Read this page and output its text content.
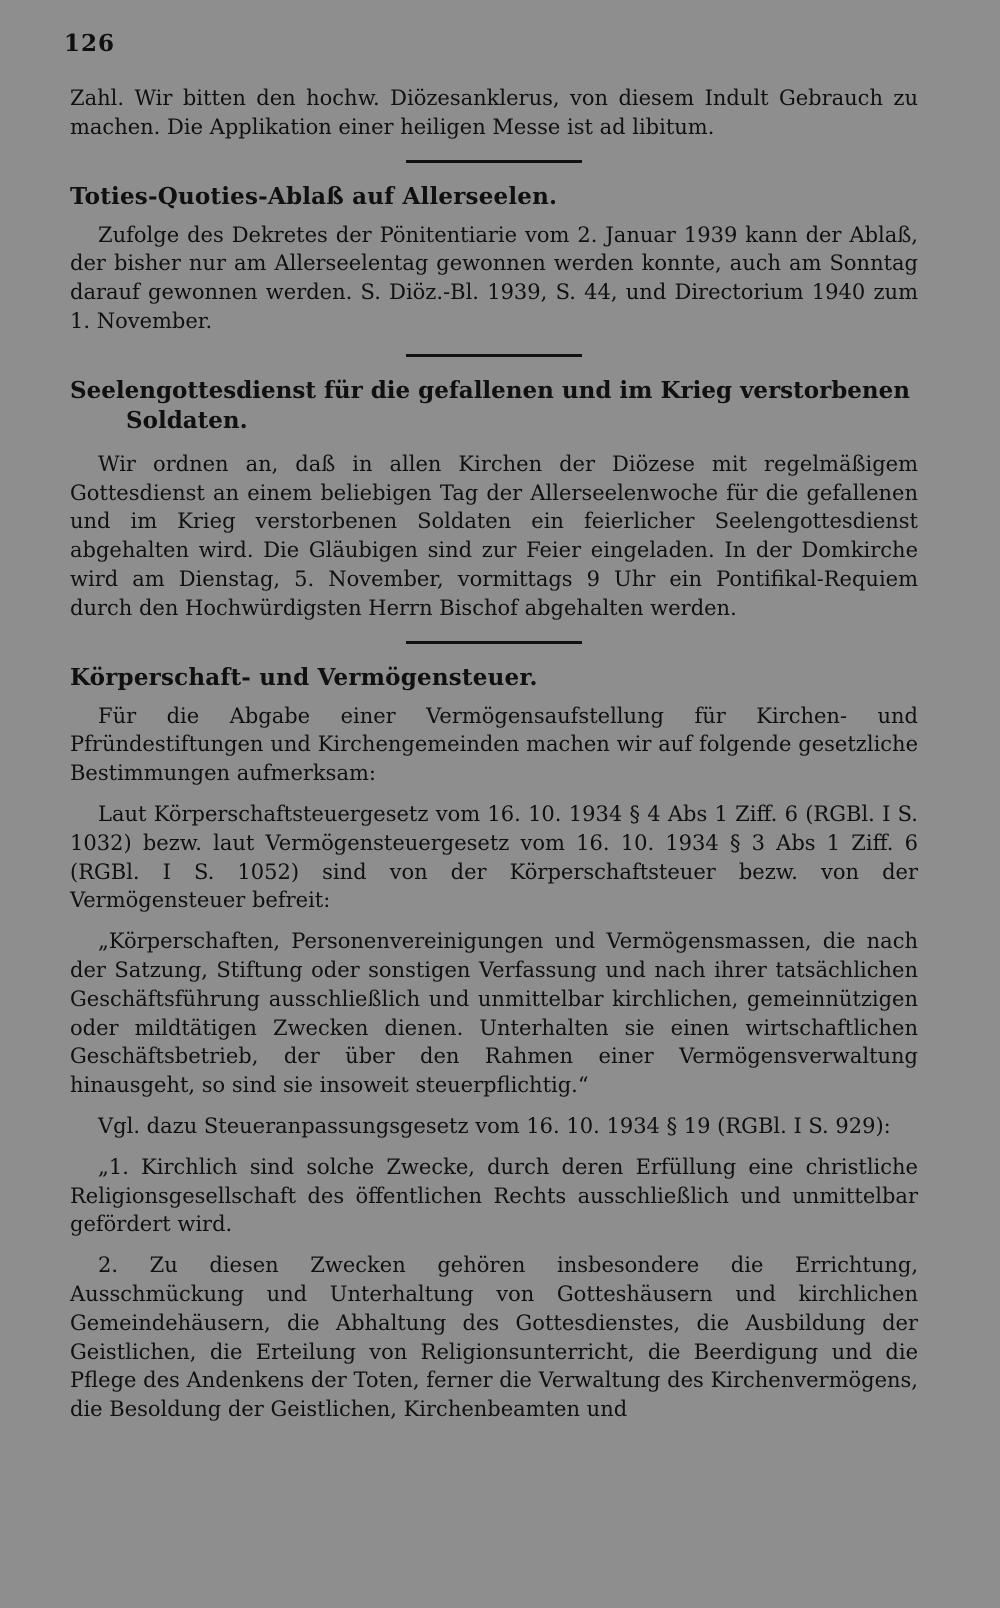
126

Zahl. Wir bitten den hochw. Diözesanklerus, von diesem Indult Gebrauch zu machen. Die Applikation einer heiligen Messe ist ad libitum.

Toties-Quoties-Ablaß auf Allerseelen.

Zufolge des Dekretes der Pönitentiarie vom 2. Januar 1939 kann der Ablaß, der bisher nur am Allerseelentag gewonnen werden konnte, auch am Sonntag darauf gewonnen werden. S. Diöz.-Bl. 1939, S. 44, und Directorium 1940 zum 1. November.

Seelengottesdienst für die gefallenen und im Krieg verstorbenen
Soldaten.

Wir ordnen an, daß in allen Kirchen der Diözese mit regelmäßigem Gottesdienst an einem beliebigen Tag der Allerseelenwoche für die gefallenen und im Krieg verstorbenen Soldaten ein feierlicher Seelengottesdienst abgehalten wird. Die Gläubigen sind zur Feier eingeladen. In der Domkirche wird am Dienstag, 5. November, vormittags 9 Uhr ein Pontifikal-Requiem durch den Hochwürdigsten Herrn Bischof abgehalten werden.

Körperschaft- und Vermögensteuer.

Für die Abgabe einer Vermögensaufstellung für Kirchen- und Pfründestiftungen und Kirchengemeinden machen wir auf folgende gesetzliche Bestimmungen aufmerksam:

Laut Körperschaftsteuergesetz vom 16. 10. 1934 § 4 Abs 1 Ziff. 6 (RGBl. I S. 1032) bezw. laut Vermögensteuergesetz vom 16. 10. 1934 § 3 Abs 1 Ziff. 6 (RGBl. I S. 1052) sind von der Körperschaftsteuer bezw. von der Vermögensteuer befreit:

„Körperschaften, Personenvereinigungen und Vermögensmassen, die nach der Satzung, Stiftung oder sonstigen Verfassung und nach ihrer tatsächlichen Geschäftsführung ausschließlich und unmittelbar kirchlichen, gemeinnützigen oder mildtätigen Zwecken dienen. Unterhalten sie einen wirtschaftlichen Geschäftsbetrieb, der über den Rahmen einer Vermögensverwaltung hinausgeht, so sind sie insoweit steuerpflichtig.“

Vgl. dazu Steueranpassungsgesetz vom 16. 10. 1934 § 19 (RGBl. I S. 929):

„1. Kirchlich sind solche Zwecke, durch deren Erfüllung eine christliche Religionsgesellschaft des öffentlichen Rechts ausschließlich und unmittelbar gefördert wird.

2. Zu diesen Zwecken gehören insbesondere die Errichtung, Ausschmückung und Unterhaltung von Gotteshäusern und kirchlichen Gemeindehäusern, die Abhaltung des Gottesdienstes, die Ausbildung der Geistlichen, die Erteilung von Religionsunterricht, die Beerdigung und die Pflege des Andenkens der Toten, ferner die Verwaltung des Kirchenvermögens, die Besoldung der Geistlichen, Kirchenbeamten und
